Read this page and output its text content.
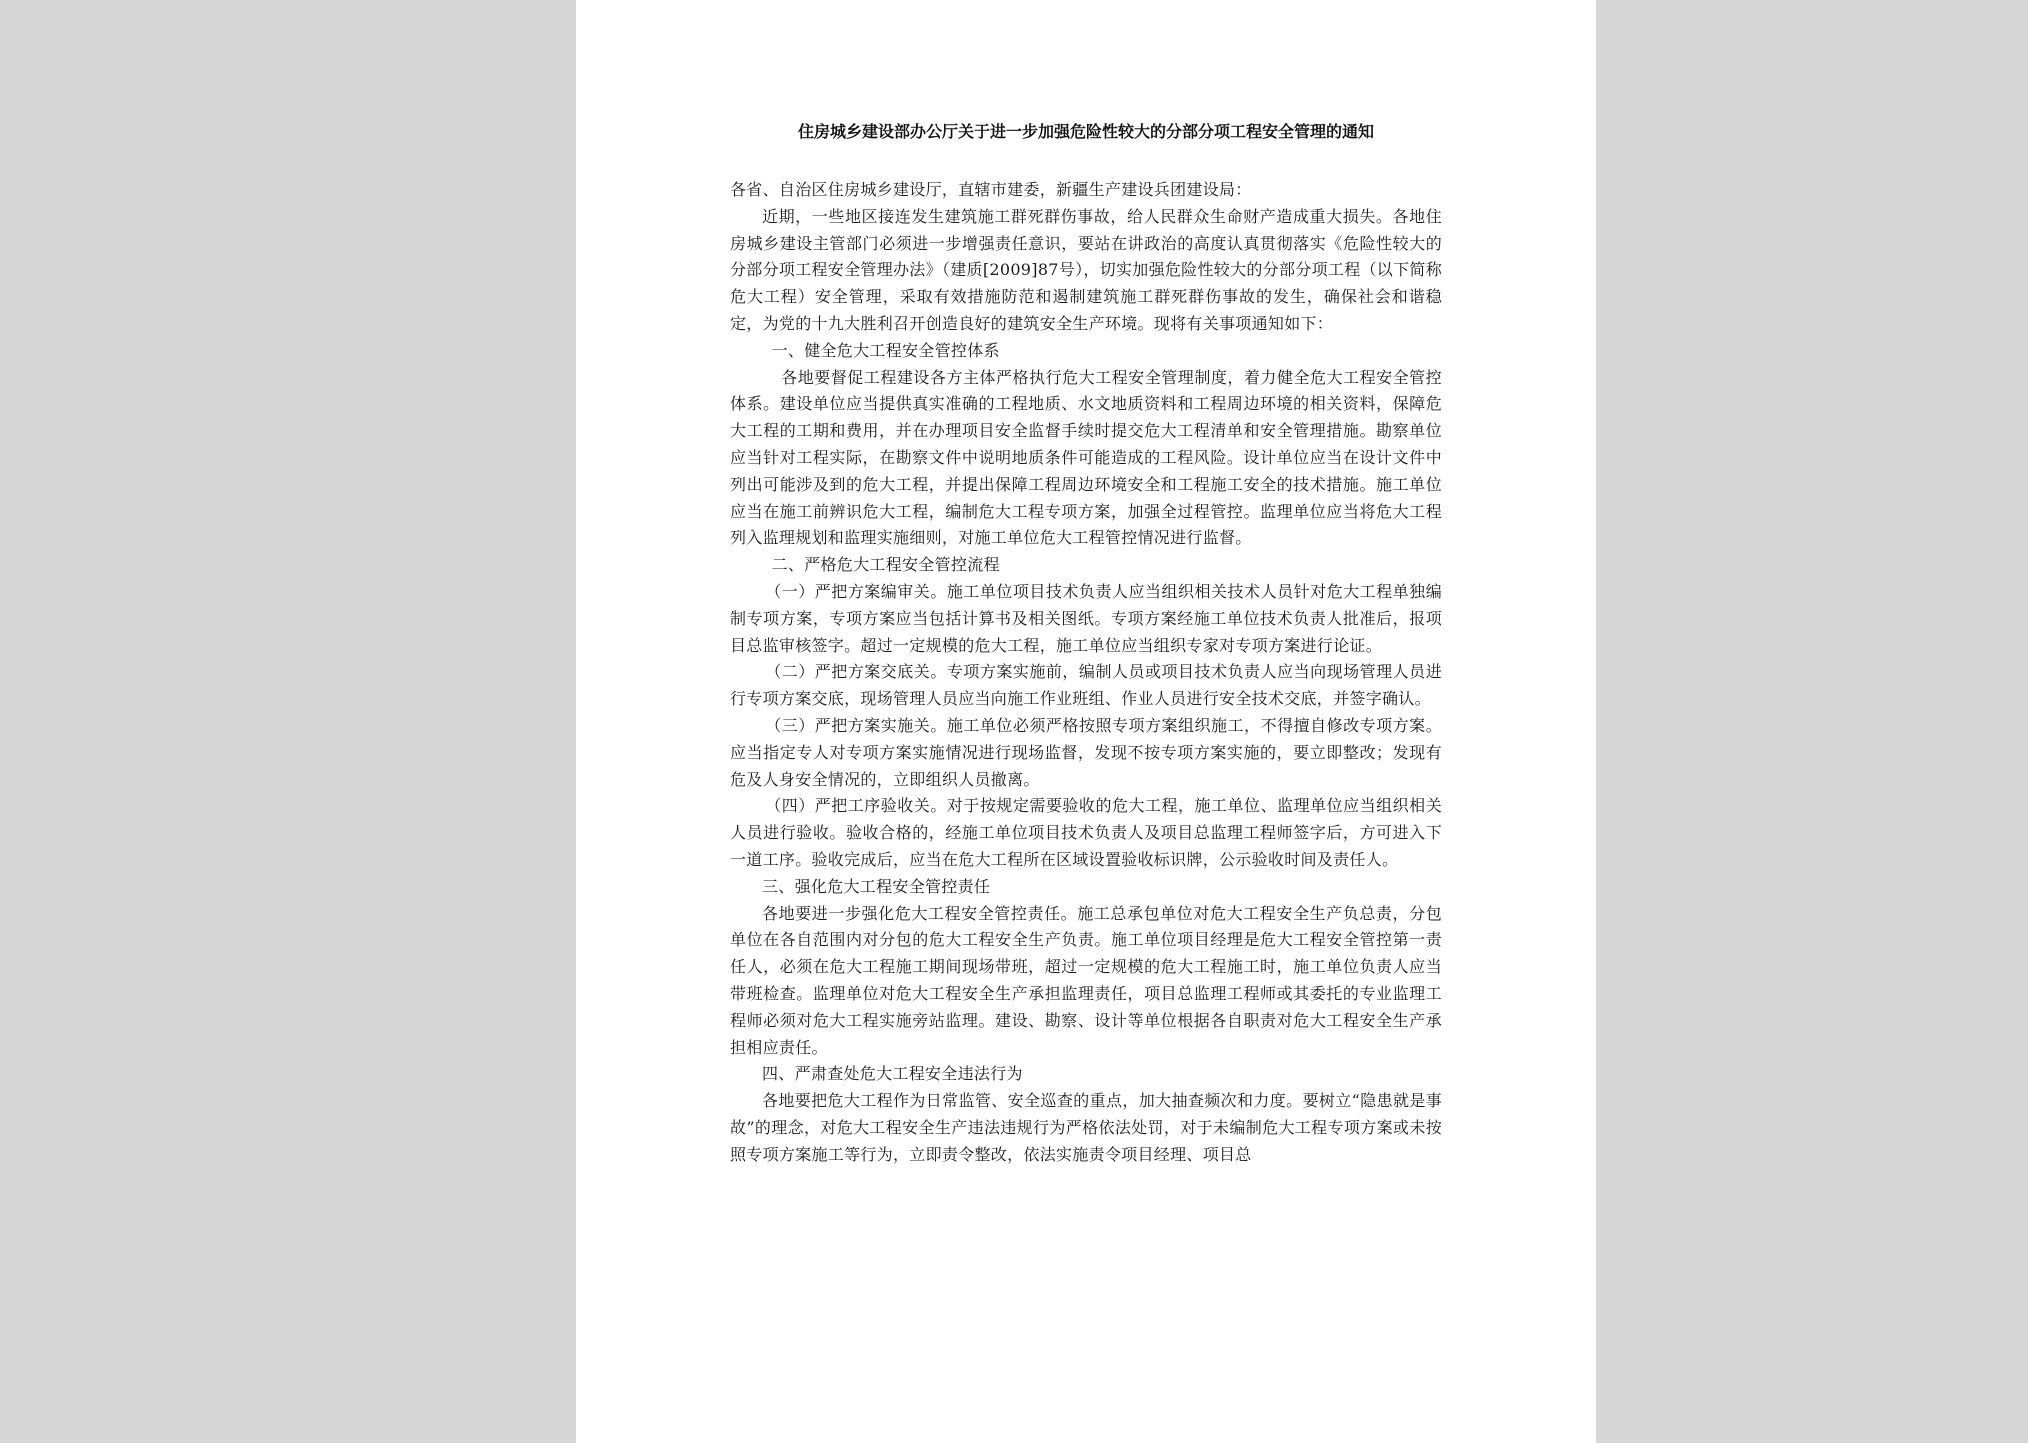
住房城乡建设部办公厅关于进一步加强危险性较大的分部分项工程安全管理的通知

各省、自治区住房城乡建设厅，直辖市建委，新疆生产建设兵团建设局：

近期，一些地区接连发生建筑施工群死群伤事故，给人民群众生命财产造成重大损失。各地住房城乡建设主管部门必须进一步增强责任意识，要站在讲政治的高度认真贯彻落实《危险性较大的分部分项工程安全管理办法》（建质[2009]87号），切实加强危险性较大的分部分项工程（以下简称危大工程）安全管理，采取有效措施防范和遏制建筑施工群死群伤事故的发生，确保社会和谐稳定，为党的十九大胜利召开创造良好的建筑安全生产环境。现将有关事项通知如下：

一、健全危大工程安全管控体系

各地要督促工程建设各方主体严格执行危大工程安全管理制度，着力健全危大工程安全管控体系。建设单位应当提供真实准确的工程地质、水文地质资料和工程周边环境的相关资料，保障危大工程的工期和费用，并在办理项目安全监督手续时提交危大工程清单和安全管理措施。勘察单位应当针对工程实际，在勘察文件中说明地质条件可能造成的工程风险。设计单位应当在设计文件中列出可能涉及到的危大工程，并提出保障工程周边环境安全和工程施工安全的技术措施。施工单位应当在施工前辨识危大工程，编制危大工程专项方案，加强全过程管控。监理单位应当将危大工程列入监理规划和监理实施细则，对施工单位危大工程管控情况进行监督。

二、严格危大工程安全管控流程

（一）严把方案编审关。施工单位项目技术负责人应当组织相关技术人员针对危大工程单独编制专项方案，专项方案应当包括计算书及相关图纸。专项方案经施工单位技术负责人批准后，报项目总监审核签字。超过一定规模的危大工程，施工单位应当组织专家对专项方案进行论证。

（二）严把方案交底关。专项方案实施前，编制人员或项目技术负责人应当向现场管理人员进行专项方案交底，现场管理人员应当向施工作业班组、作业人员进行安全技术交底，并签字确认。

（三）严把方案实施关。施工单位必须严格按照专项方案组织施工，不得擅自修改专项方案。应当指定专人对专项方案实施情况进行现场监督，发现不按专项方案实施的，要立即整改；发现有危及人身安全情况的，立即组织人员撤离。

（四）严把工序验收关。对于按规定需要验收的危大工程，施工单位、监理单位应当组织相关人员进行验收。验收合格的，经施工单位项目技术负责人及项目总监理工程师签字后，方可进入下一道工序。验收完成后，应当在危大工程所在区域设置验收标识牌，公示验收时间及责任人。

三、强化危大工程安全管控责任

各地要进一步强化危大工程安全管控责任。施工总承包单位对危大工程安全生产负总责，分包单位在各自范围内对分包的危大工程安全生产负责。施工单位项目经理是危大工程安全管控第一责任人，必须在危大工程施工期间现场带班，超过一定规模的危大工程施工时，施工单位负责人应当带班检查。监理单位对危大工程安全生产承担监理责任，项目总监理工程师或其委托的专业监理工程师必须对危大工程实施旁站监理。建设、勘察、设计等单位根据各自职责对危大工程安全生产承担相应责任。

四、严肃查处危大工程安全违法行为

各地要把危大工程作为日常监管、安全巡查的重点，加大抽查频次和力度。要树立“隐患就是事故”的理念，对危大工程安全生产违法违规行为严格依法处罚，对于未编制危大工程专项方案或未按照专项方案施工等行为，立即责令整改，依法实施责令项目经理、项目总
